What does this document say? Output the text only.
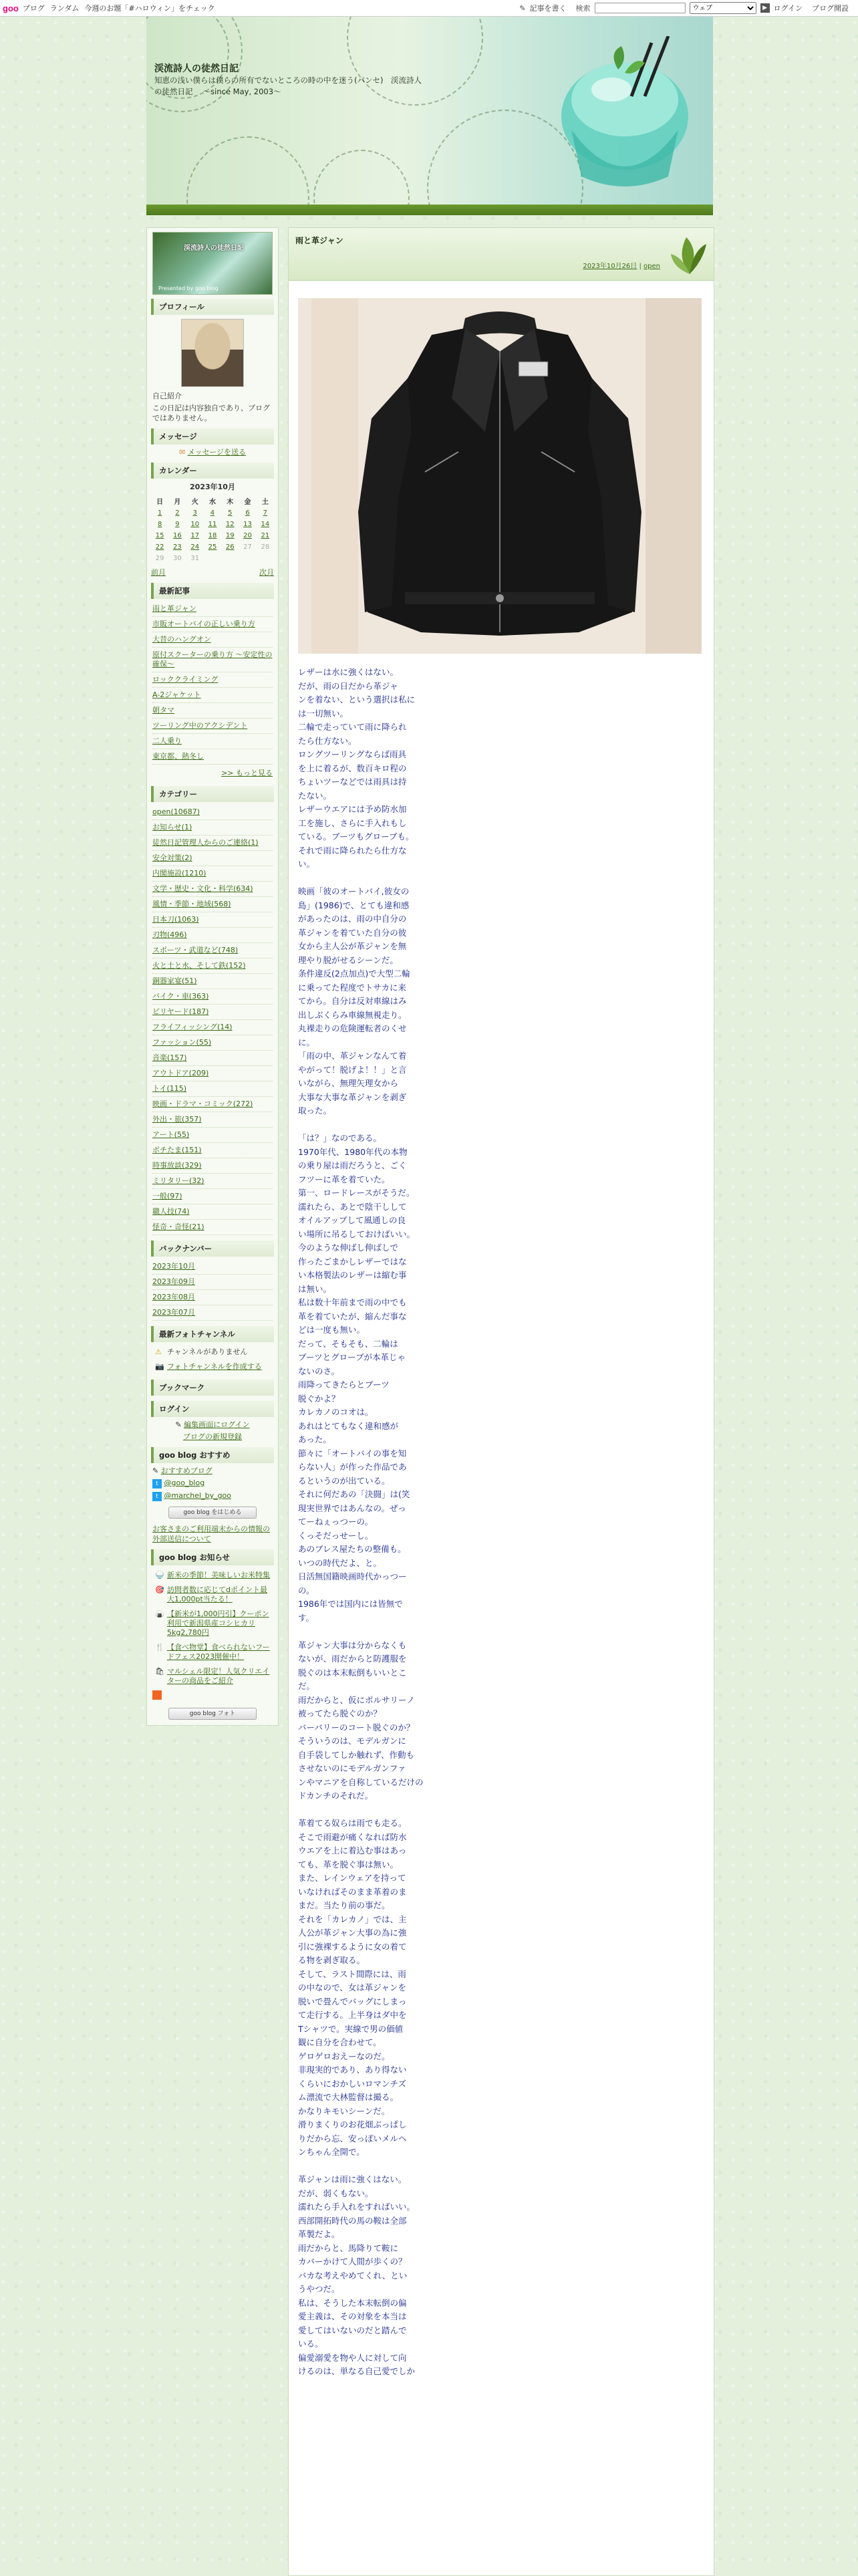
goo ブログ ランダム 今週のお題「#ハロウィン」をチェック	✎ 記事を書く 検索
ウェブ	▶ ログイン ブログ開設
渓流詩人の徒然日記
知恵の浅い僕らは僕らの所有でないところの時の中を迷う(パンセ)　渓流詩人の徒然日記　 ～since May, 2003～
渓流詩人の徒然日記
Presented by goo blog
プロフィール

自己紹介

この日記は内容独自であり、ブログではありません。

メッセージ

✉ メッセージを送る

カレンダー
2023年10月
日	月	火	水	木	金	土
1	2	3	4	5	6	7
8	9	10	11	12	13	14
15	16	17	18	19	20	21
22	23	24	25	26	27	28
29	30	31				
前月	次月
最新記事
雨と革ジャン
市販オートバイの正しい乗り方
大昔のハングオン
原付スクーターの乗り方 ～安定性の確保～
ロッククライミング
A-2ジャケット
朝タマ
ツーリング中のアクシデント
二人乗り
東京都、熱冬し
>> もっと見る
カテゴリー
open(10687)
お知らせ(1)
徒然日記管理人からのご連絡(1)
安全対策(2)
内閣施設(1210)
文学・歴史・文化・科学(634)
風情・季節・地域(568)
日本刀(1063)
刃物(496)
スポーツ・武道など(748)
火と土と水、そして鉄(152)
銅器家宴(51)
バイク・車(363)
ビリヤード(187)
フライフィッシング(14)
ファッション(55)
音楽(157)
アウトドア(209)
トイ(115)
映画・ドラマ・コミック(272)
外出・旅(357)
アート(55)
ボチたま(151)
時事放談(329)
ミリタリー(32)
一般(97)
職人技(74)
怪奇・奇怪(21)
バックナンバー
2023年10月
2023年09月
2023年08月
2023年07月
最新フォトチャンネル
⚠ チャンネルがありません
📷 フォトチャンネルを作成する
ブックマーク
ログイン

✎ 編集画面にログイン

ブログの新規登録

goo blog おすすめ

✎ おすすめブログ

t @goo_blog

t @marchel_by_goo

goo blog をはじめる

お客さまのご利用端末からの情報の外部送信について

goo blog お知らせ
🍚 新米の季節！美味しいお米特集
🎯 訪問者数に応じてdポイント最大1,000pt当たる！
🍙 【新米が1,000円引】クーポン利用で新潟県産コシヒカリ5kg2,780円
🍴 【食べ物堂】食べられないフードフェス2023開催中！
🛍 マルシェル限定！人気クリエイターの商品をご紹介

goo blog フォト
雨と革ジャン
2023年10月26日 | open
レザーは水に強くはない。
だが、雨の日だから革ジャ
ンを着ない、という選択は私に
は一切無い。
二輪で走っていて雨に降られ
たら仕方ない。
ロングツーリングならば雨具
を上に着るが、数百キロ程の
ちょいツーなどでは雨具は持
たない。
レザーウエアには予め防水加
工を施し、さらに手入れもし
ている。ブーツもグローブも。
それで雨に降られたら仕方な
い。

映画「彼のオートバイ,彼女の
島」(1986)で、とても違和感
があったのは、雨の中自分の
革ジャンを着ていた自分の彼
女から主人公が革ジャンを無
理やり脱がせるシーンだ。
条件違反(2点加点)で大型二輪
に乗ってた程度でトサカに来
てから。自分は反対車線はみ
出しぶくらみ車線無視走り。
丸裸走りの危険運転者のくせ
に。
「雨の中、革ジャンなんて着
やがって！脱げよ！！」と言
いながら、無理矢理女から
大事な大事な革ジャンを剥ぎ
取った。

「は？」なのである。
1970年代、1980年代の本物
の乗り屋は雨だろうと、ごく
フツーに革を着ていた。
第一、ロードレースがそうだ。
濡れたら、あとで陰干しして
オイルアップして風通しの良
い場所に吊るしておけばいい。
今のような伸ばし伸ばしで
作ったごまかしレザーではな
い本格製法のレザーは縮む事
は無い。
私は数十年前まで雨の中でも
革を着ていたが、縮んだ事な
どは一度も無い。
だって、そもそも、二輪は
ブーツとグローブが本革じゃ
ないのさ。
雨降ってきたらとブーツ
脱ぐかよ？
カレカノのコオは。
あれはとてもなく違和感が
あった。
節々に「オートバイの事を知
らない人」が作った作品であ
るというのが出ている。
それに何だあの「決闘」は(笑
現実世界ではあんなの。ぜっ
てーねぇっつーの。
くっそだっせーし。
あのブレス屋たちの整備も。
いつの時代だよ、と。
日活無国籍映画時代かっつー
の。
1986年では国内には皆無で
す。

革ジャン大事は分からなくも
ないが、雨だからと防護服を
脱ぐのは本末転倒もいいとこ
だ。
雨だからと、仮にポルサリーノ
被ってたら脱ぐのか？
バーバリーのコート脱ぐのか？
そういうのは、モデルガンに
自手袋してしか触れず、作動も
させないのにモデルガンファ
ンやマニアを自称しているだけの
ドカンチのそれだ。

革着てる奴らは雨でも走る。
そこで雨避が痛くなれば防水
ウエアを上に着込む事はあっ
ても、革を脱ぐ事は無い。
また、レインウェアを持って
いなければそのまま革着のま
まだ。当たり前の事だ。
それを「カレカノ」では、主
人公が革ジャン大事の為に強
引に強裸するように女の着て
る物を剥ぎ取る。
そして、ラスト間際には、雨
の中なので、女は革ジャンを
脱いで畳んでバッグにしまっ
て走行する。上半身はダ中を
Tシャツで。実線で男の価値
観に自分を合わせて。
ゲロゲロおえーなのだ。
非現実的であり、あり得ない
くらいにおかしいロマンチズ
ム漂流で大林監督は撮る。
かなりキモいシーンだ。
滑りまくりのお花畑ぶっぱし
りだから忘、安っぽいメルヘ
ンちゃん全開で。

革ジャンは雨に強くはない。
だが、弱くもない。
濡れたら手入れをすればいい。
西部開拓時代の馬の鞍は全部
革製だよ。
雨だからと、馬降りて鞍に
カバーかけて人間が歩くの？
バカな考えやめてくれ、とい
うやつだ。
私は、そうした本末転倒の偏
愛主義は、その対象を本当は
愛してはいないのだと踏んで
いる。
偏愛溺愛を物や人に対して向
けるのは、単なる自己愛でしか
